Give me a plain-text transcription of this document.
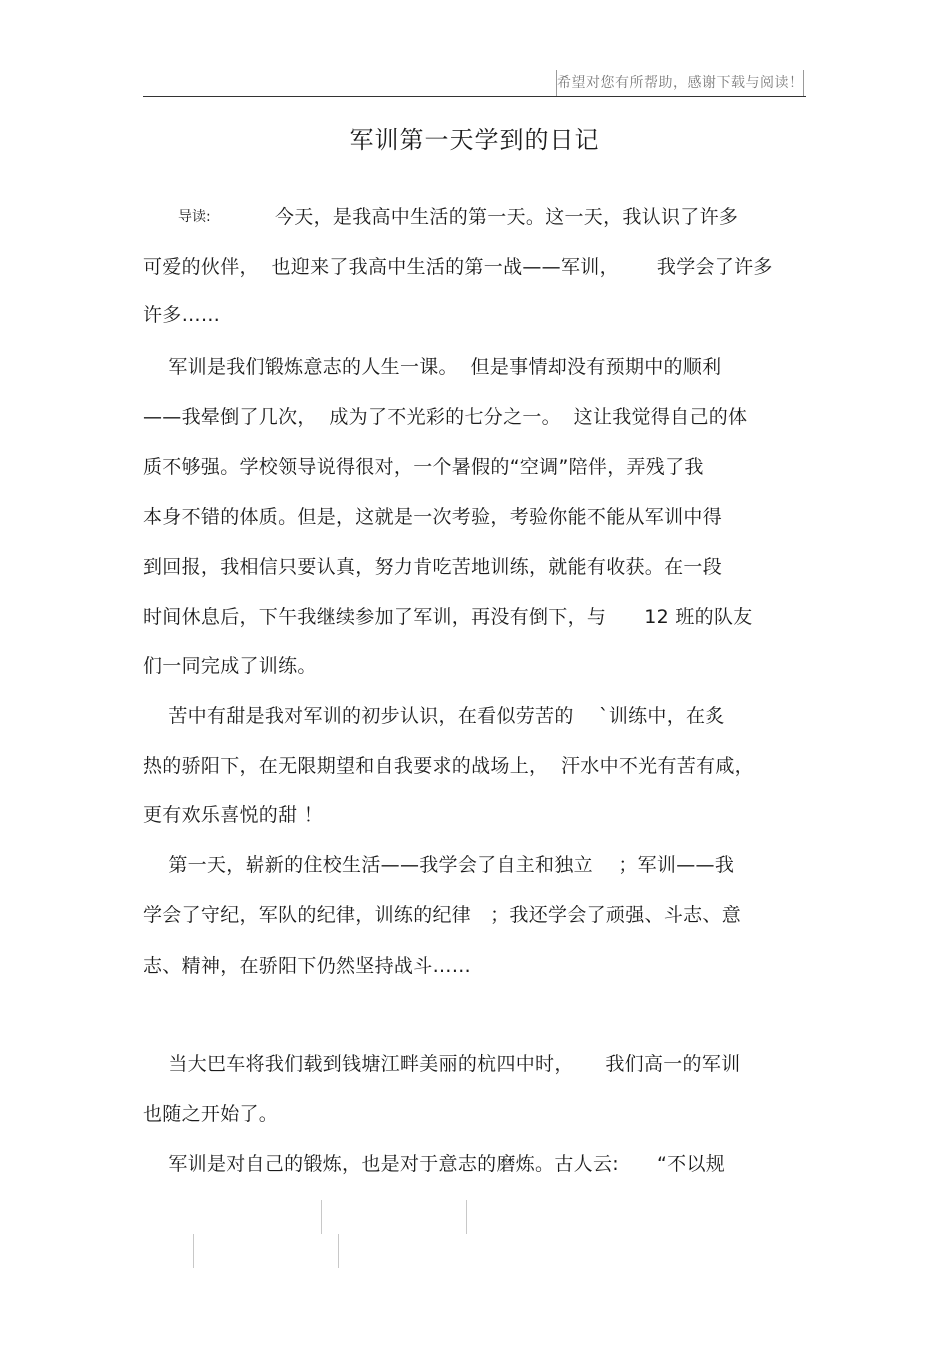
希望对您有所帮助，感谢下载与阅读！
军训第一天学到的日记
导读:	今天，是我高中生活的第一天。这一天，我认识了许多
可爱的伙伴，  也迎来了我高中生活的第一战——军训，      我学会了许多
许多……
军训是我们锻炼意志的人生一课。  但是事情却没有预期中的顺利
——我晕倒了几次，  成为了不光彩的七分之一。  这让我觉得自己的体
质不够强。学校领导说得很对，一个暑假的“空调”陪伴，弄残了我
本身不错的体质。但是，这就是一次考验，考验你能不能从军训中得
到回报，我相信只要认真，努力肯吃苦地训练，就能有收获。在一段
时间休息后，下午我继续参加了军训，再没有倒下，与      12 班的队友
们一同完成了训练。
苦中有甜是我对军训的初步认识，在看似劳苦的    `训练中，在炙
热的骄阳下，在无限期望和自我要求的战场上，  汗水中不光有苦有咸，
更有欢乐喜悦的甜 ！
第一天，崭新的住校生活——我学会了自主和独立    ；军训——我
学会了守纪，军队的纪律，训练的纪律   ；我还学会了顽强、斗志、意
志、精神，在骄阳下仍然坚持战斗……
当大巴车将我们载到钱塘江畔美丽的杭四中时，     我们高一的军训
也随之开始了。
军训是对自己的锻炼，也是对于意志的磨炼。古人云:      “不以规
